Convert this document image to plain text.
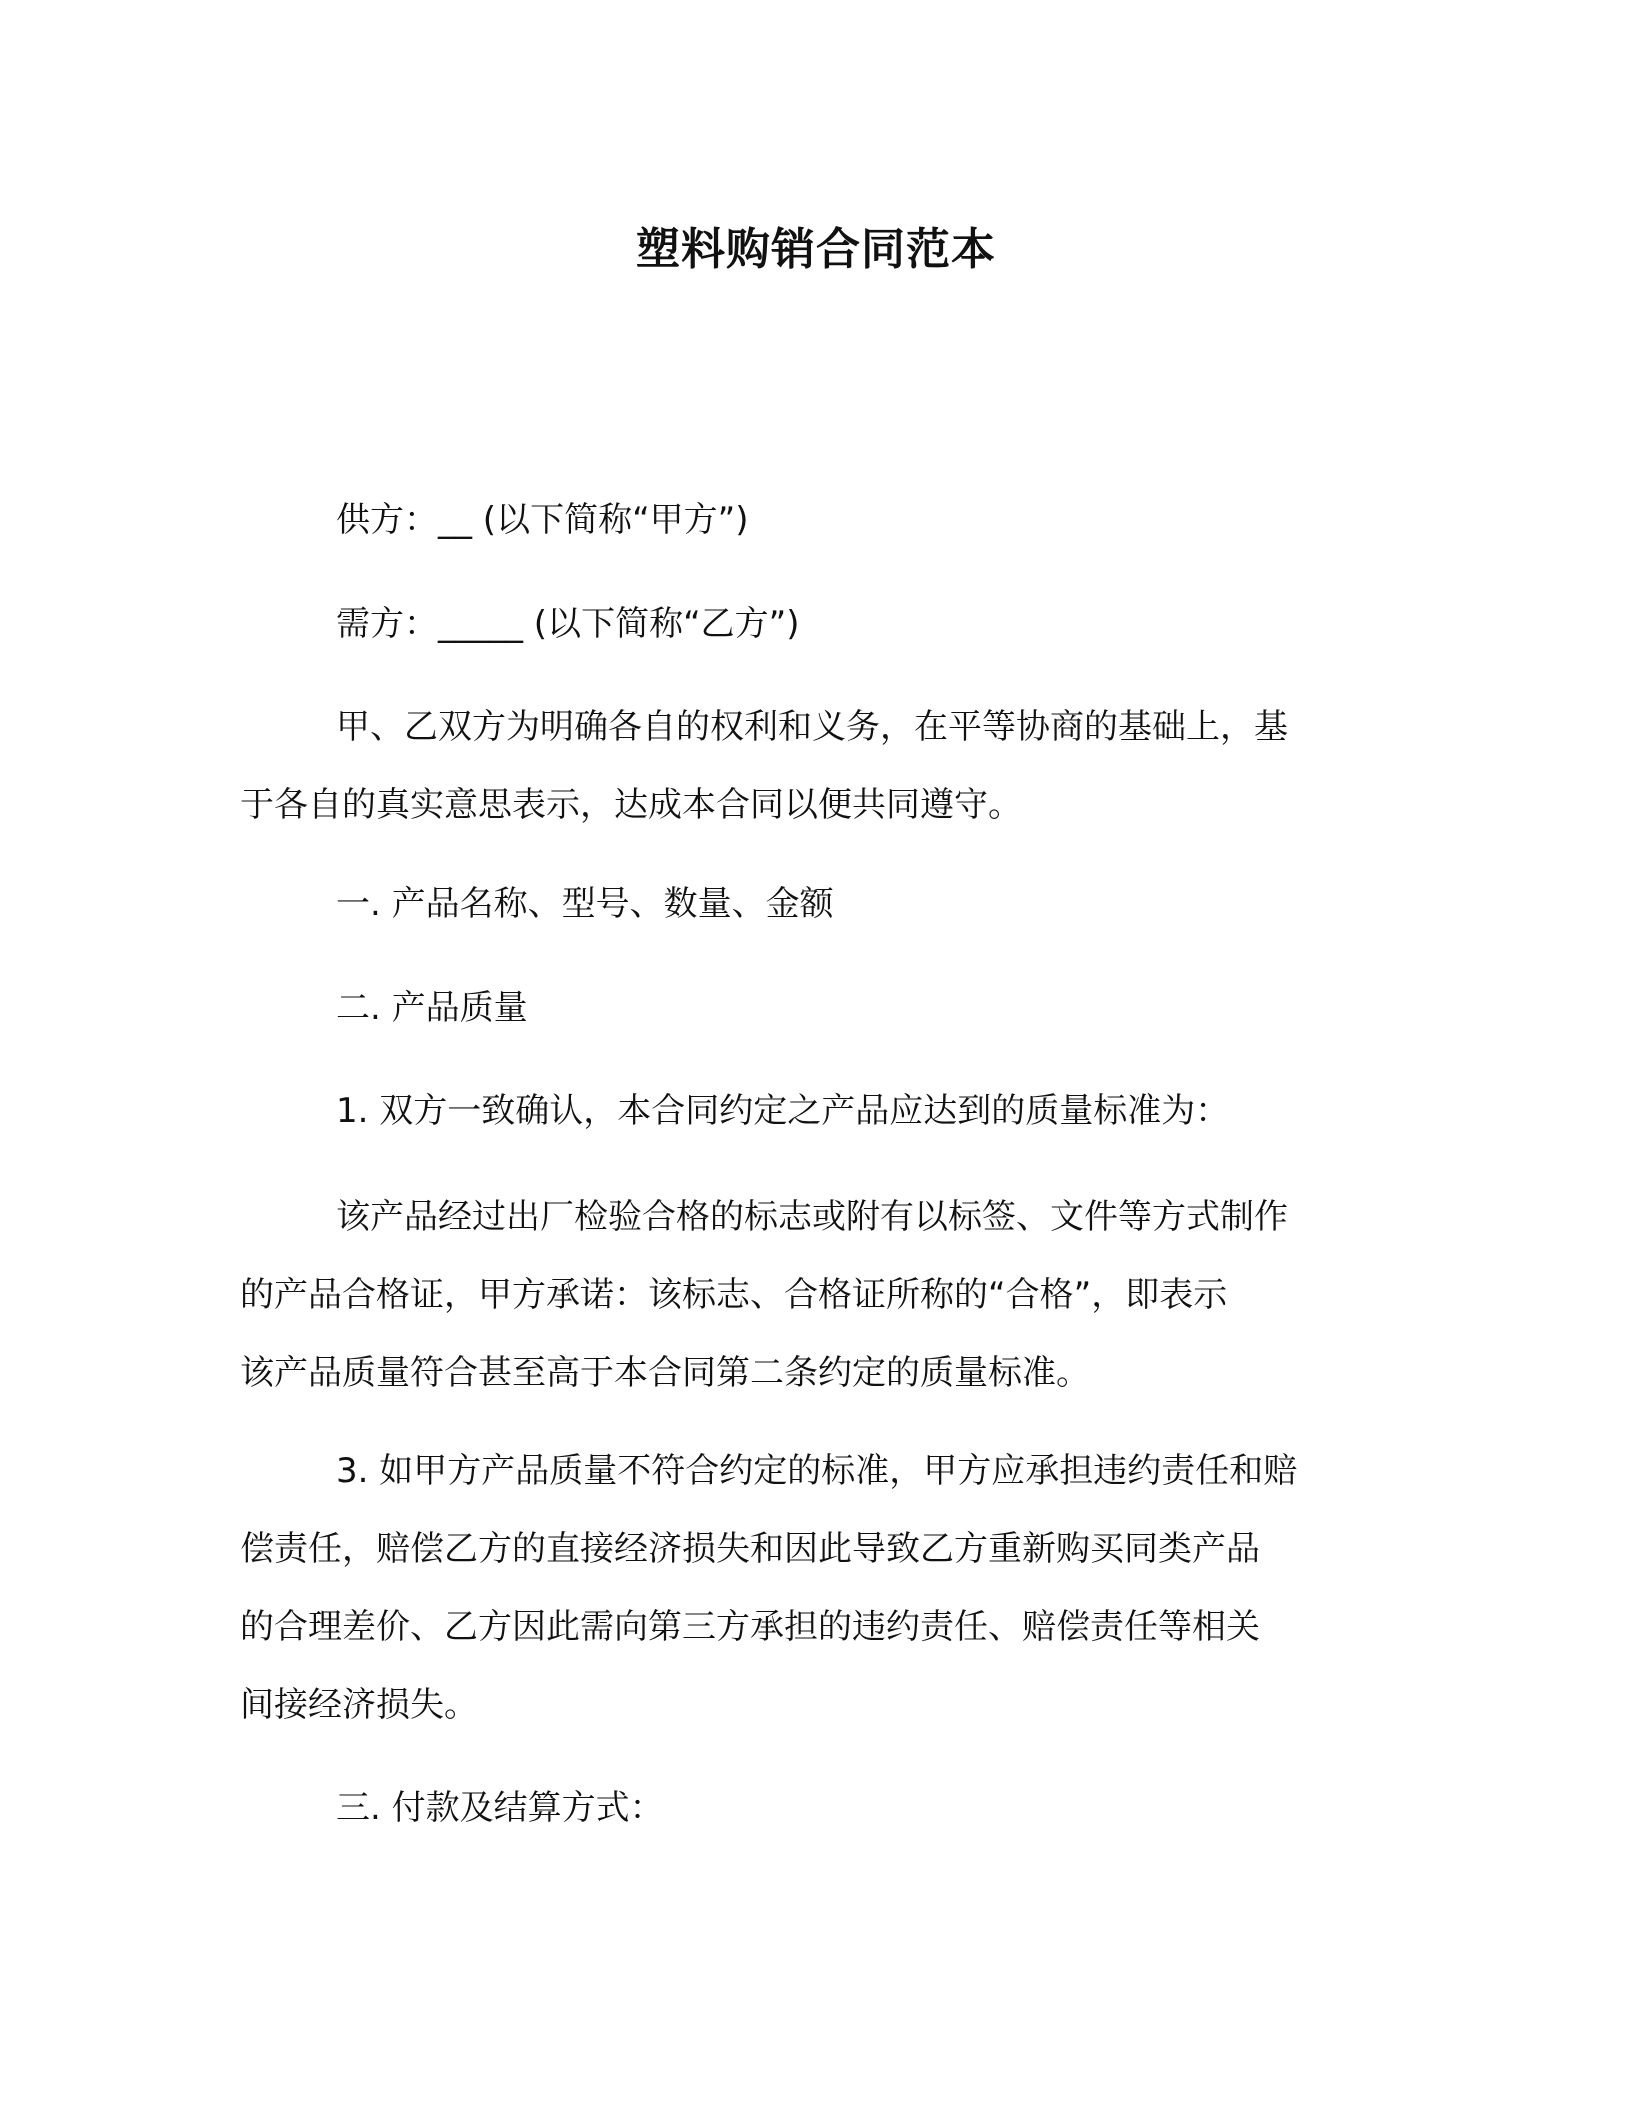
塑料购销合同范本

供方：__ (以下简称“甲方”)

需方：_____ (以下简称“乙方”)

甲、乙双方为明确各自的权利和义务，在平等协商的基础上，基
于各自的真实意思表示，达成本合同以便共同遵守。

一. 产品名称、型号、数量、金额

二. 产品质量

1. 双方一致确认，本合同约定之产品应达到的质量标准为：

该产品经过出厂检验合格的标志或附有以标签、文件等方式制作
的产品合格证，甲方承诺：该标志、合格证所称的“合格”，即表示
该产品质量符合甚至高于本合同第二条约定的质量标准。
3. 如甲方产品质量不符合约定的标准，甲方应承担违约责任和赔
偿责任，赔偿乙方的直接经济损失和因此导致乙方重新购买同类产品
的合理差价、乙方因此需向第三方承担的违约责任、赔偿责任等相关
间接经济损失。

三. 付款及结算方式：
